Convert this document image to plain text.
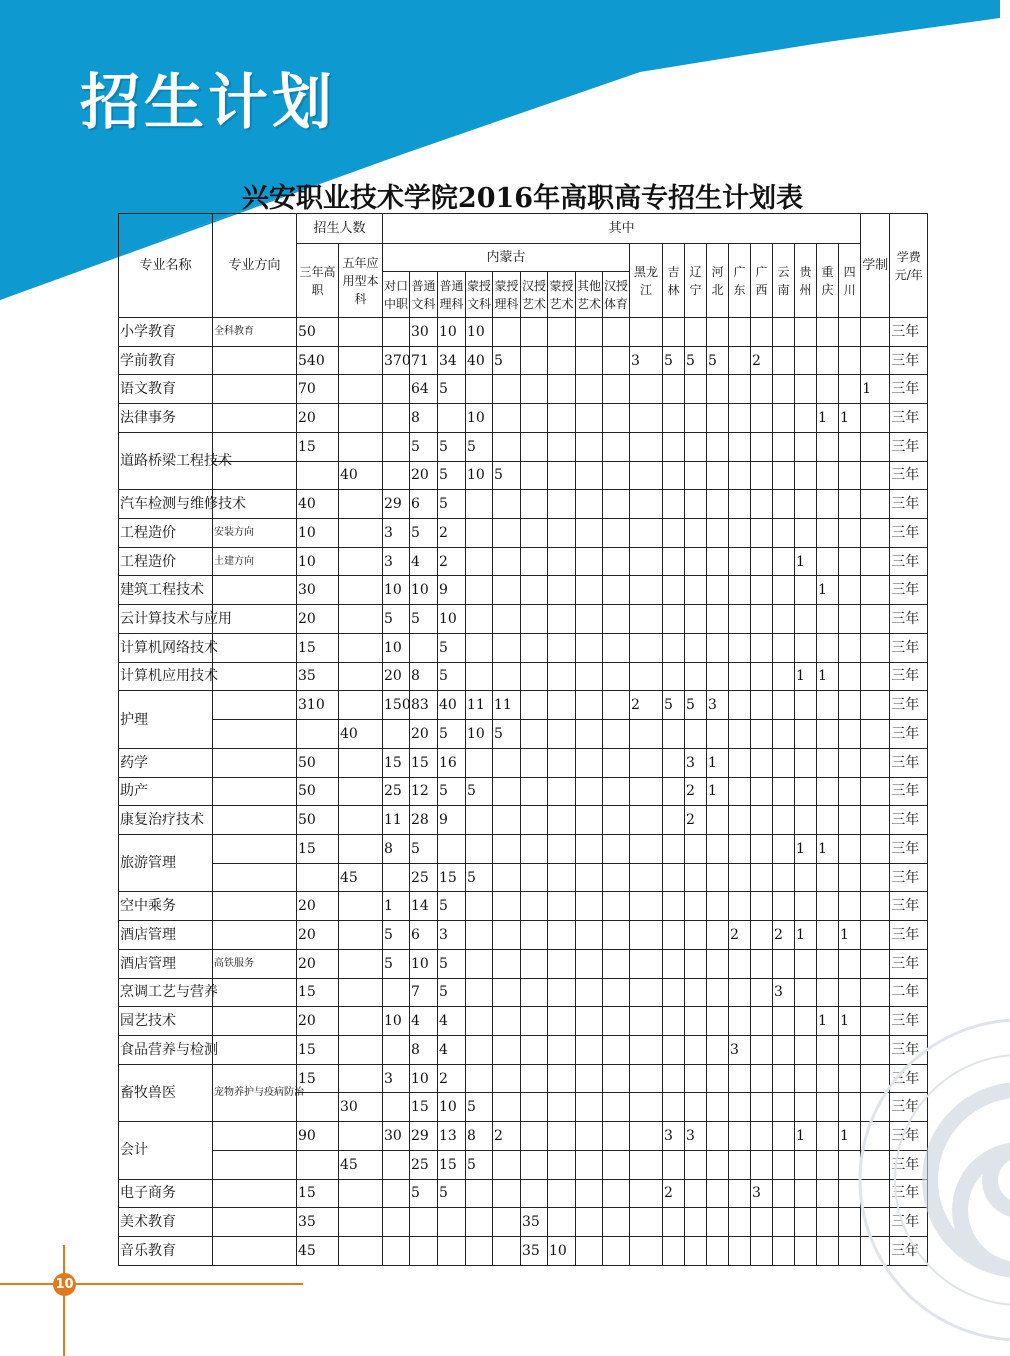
招生计划
兴安职业技术学院2016年高职高专招生计划表
专业名称	专业方向	招生人数		其中																			学制	学费元/年	
		三年高职	五年应用型本科	内蒙古									黑龙江	吉林	辽宁	河北	广东	广西	云南	贵州	重庆	四川			
				对口中职	普通文科	普通理科	蒙授文科	蒙授理科	汉授艺术	蒙授艺术	其他艺术	汉授体育													
小学教育	全科教育	50			30	10	10																	三年	
学前教育		540		370	71	34	40	5					3	5	5	5		2						三年	
语文教育		70			64	5																	1	三年	
法律事务		20			8		10														1	1		三年	
道路桥梁工程技术		15			5	5	5																	三年	
			40		20	5	10	5																三年	
汽车检测与维修技术		40		29	6	5																		三年	
工程造价	安装方向	10		3	5	2																		三年	
工程造价	土建方向	10		3	4	2														1				三年	
建筑工程技术		30		10	10	9															1			三年	
云计算技术与应用		20		5	5	10																		三年	
计算机网络技术		15		10		5																		三年	
计算机应用技术		35		20	8	5														1	1			三年	
护理		310		150	83	40	11	11					2	5	5	3								三年	
			40		20	5	10	5																三年	
药学		50		15	15	16									3	1								三年	
助产		50		25	12	5	5								2	1								三年	
康复治疗技术		50		11	28	9									2									三年	
旅游管理		15		8	5															1	1			三年	
			45		25	15	5																	三年	
空中乘务		20		1	14	5																		三年	
酒店管理		20		5	6	3											2		2	1		1		三年	
酒店管理	高铁服务	20		5	10	5																		三年	
烹调工艺与营养		15			7	5													3					二年	
园艺技术		20		10	4	4															1	1		三年	
食品营养与检测		15			8	4											3							三年	
畜牧兽医	宠物养护与疫病防治	15		3	10	2																		三年	
			30		15	10	5																	三年	
会计		90		30	29	13	8	2						3	3					1		1		三年	
			45		25	15	5																	三年	
电子商务		15			5	5								2				3						三年	
美术教育		35							35															三年	
音乐教育		45							35	10														三年	
10
